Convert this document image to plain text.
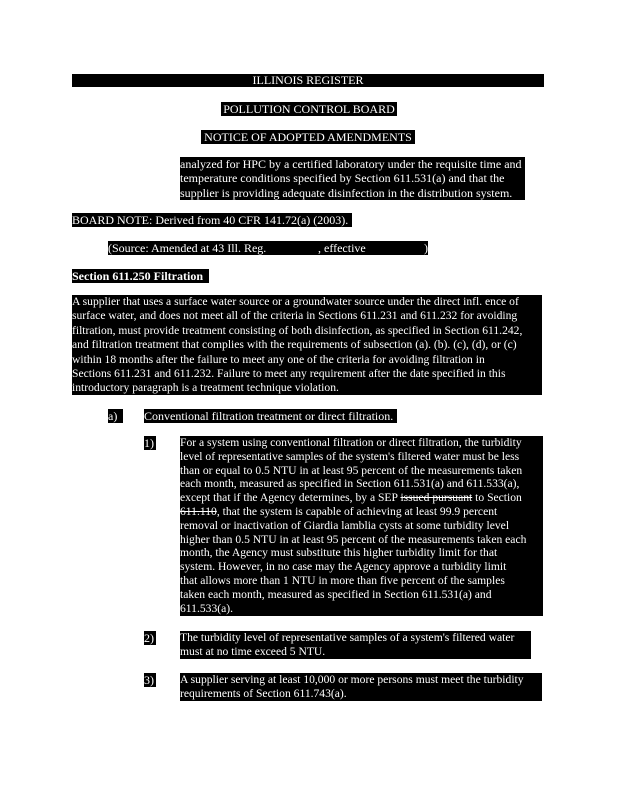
ILLINOIS REGISTER
POLLUTION CONTROL BOARD
NOTICE OF ADOPTED AMENDMENTS
analyzed for HPC by a certified laboratory under the requisite time and
temperature conditions specified by Section 611.531(a) and that the
supplier is providing adequate disinfection in the distribution system.
BOARD NOTE: Derived from 40 CFR 141.72(a) (2003).
(Source: Amended at 43 Ill. Reg.	, effective	)
Section 611.250 Filtration
A supplier that uses a surface water source or a groundwater source under the direct infl. ence of
surface water, and does not meet all of the criteria in Sections 611.231 and 611.232 for avoiding
filtration, must provide treatment consisting of both disinfection, as specified in Section 611.242,
and filtration treatment that complies with the requirements of subsection (a). (b). (c), (d), or (c)
within 18 months after the failure to meet any one of the criteria for avoiding filtration in
Sections 611.231 and 611.232. Failure to meet any requirement after the date specified in this
introductory paragraph is a treatment technique violation.
a)	Conventional filtration treatment or direct filtration.
1) For a system using conventional filtration or direct filtration, the turbidity
level of representative samples of the system's filtered water must be less
than or equal to 0.5 NTU in at least 95 percent of the measurements taken
each month, measured as specified in Section 611.531(a) and 611.533(a),
except that if the Agency determines, by a SEP issued pursuant to Section
611.110, that the system is capable of achieving at least 99.9 percent
removal or inactivation of Giardia lamblia cysts at some turbidity level
higher than 0.5 NTU in at least 95 percent of the measurements taken each
month, the Agency must substitute this higher turbidity limit for that
system. However, in no case may the Agency approve a turbidity limit
that allows more than 1 NTU in more than five percent of the samples
taken each month, measured as specified in Section 611.531(a) and
611.533(a).
2) The turbidity level of representative samples of a system's filtered water
must at no time exceed 5 NTU.
3) A supplier serving at least 10,000 or more persons must meet the turbidity
requirements of Section 611.743(a).
